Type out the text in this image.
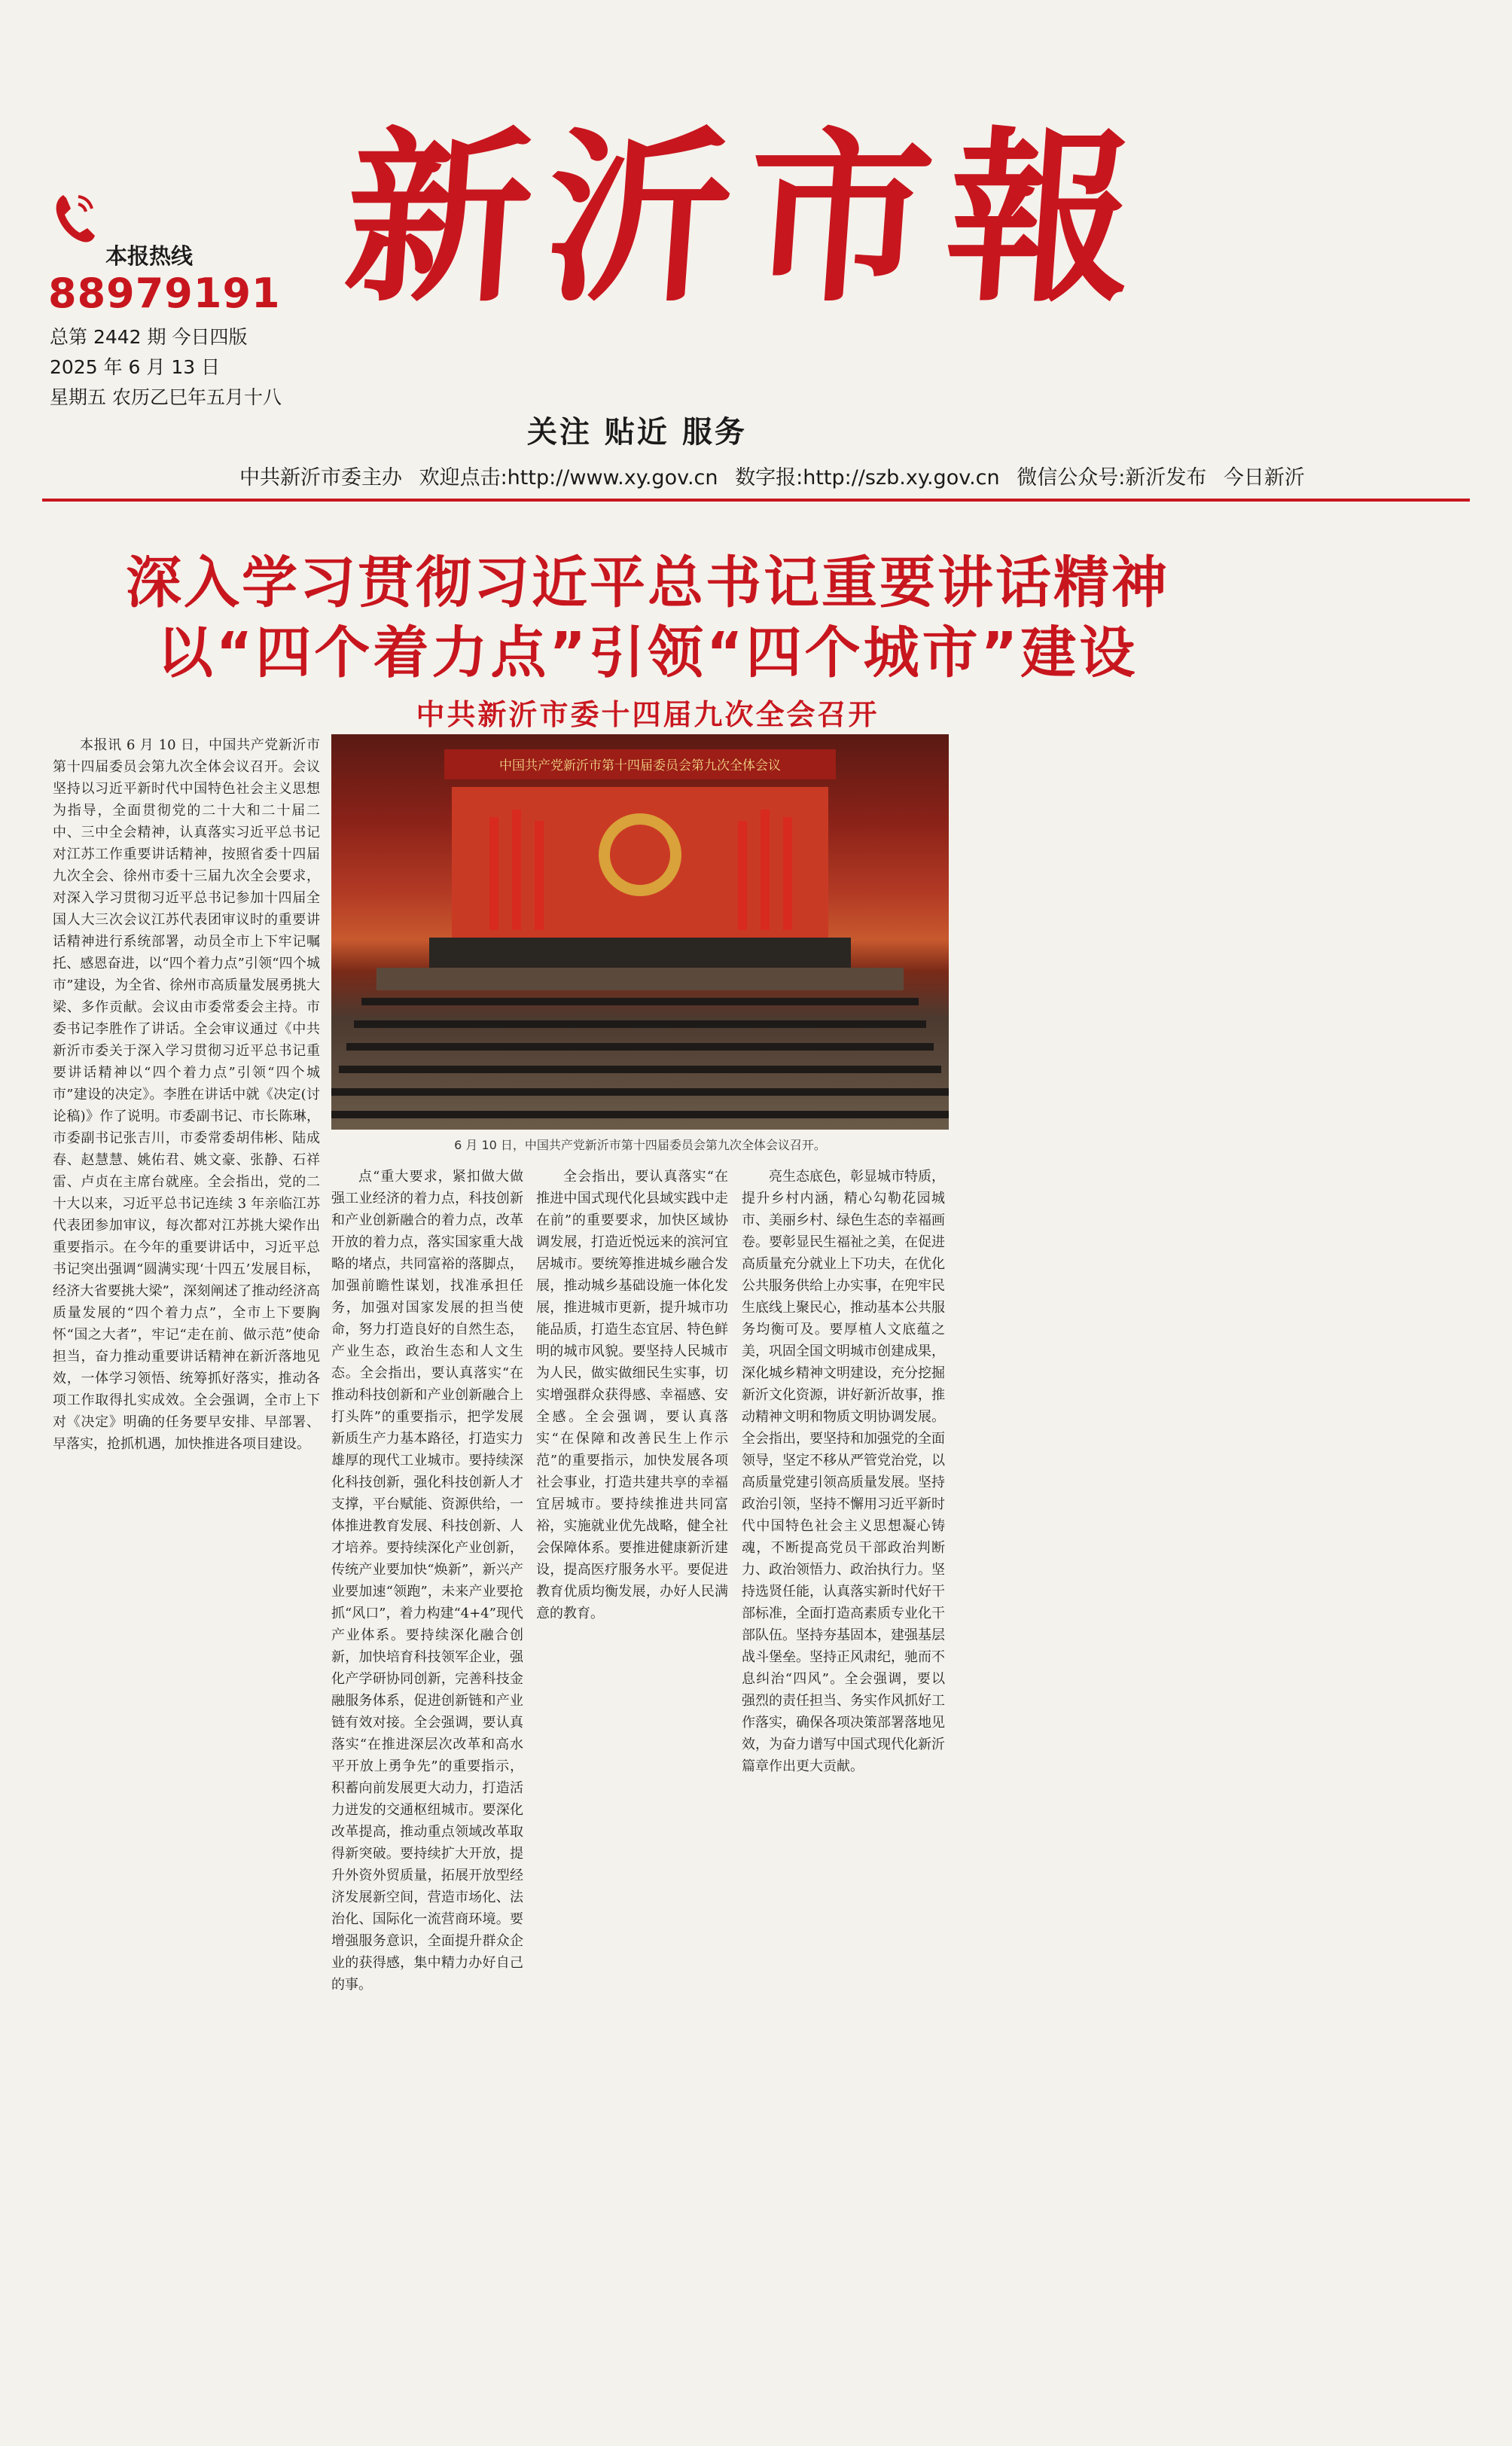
本报热线
88979191
总第 2442 期 今日四版
2025 年 6 月 13 日
星期五 农历乙巳年五月十八
新沂市報
关注 贴近 服务
中共新沂市委主办 欢迎点击:http://www.xy.gov.cn 数字报:http://szb.xy.gov.cn 微信公众号:新沂发布 今日新沂
深入学习贯彻习近平总书记重要讲话精神
以“四个着力点”引领“四个城市”建设
中共新沂市委十四届九次全会召开

本报讯 6 月 10 日，中国共产党新沂市第十四届委员会第九次全体会议召开。会议坚持以习近平新时代中国特色社会主义思想为指导，全面贯彻党的二十大和二十届二中、三中全会精神，认真落实习近平总书记对江苏工作重要讲话精神，按照省委十四届九次全会、徐州市委十三届九次全会要求，对深入学习贯彻习近平总书记参加十四届全国人大三次会议江苏代表团审议时的重要讲话精神进行系统部署，动员全市上下牢记嘱托、感恩奋进，以“四个着力点”引领“四个城市”建设，为全省、徐州市高质量发展勇挑大梁、多作贡献。会议由市委常委会主持。市委书记李胜作了讲话。全会审议通过《中共新沂市委关于深入学习贯彻习近平总书记重要讲话精神以“四个着力点”引领“四个城市”建设的决定》。李胜在讲话中就《决定(讨论稿)》作了说明。市委副书记、市长陈琳，市委副书记张吉川，市委常委胡伟彬、陆成春、赵慧慧、姚佑君、姚文豪、张静、石祥雷、卢贞在主席台就座。全会指出，党的二十大以来，习近平总书记连续 3 年亲临江苏代表团参加审议，每次都对江苏挑大梁作出重要指示。在今年的重要讲话中，习近平总书记突出强调“圆满实现‘十四五’发展目标，经济大省要挑大梁”，深刻阐述了推动经济高质量发展的“四个着力点”，全市上下要胸怀“国之大者”，牢记“走在前、做示范”使命担当，奋力推动重要讲话精神在新沂落地见效，一体学习领悟、统筹抓好落实，推动各项工作取得扎实成效。全会强调，全市上下对《决定》明确的任务要早安排、早部署、早落实，抢抓机遇，加快推进各项目建设。

中国共产党新沂市第十四届委员会第九次全体会议
6 月 10 日，中国共产党新沂市第十四届委员会第九次全体会议召开。

点“重大要求，紧扣做大做强工业经济的着力点，科技创新和产业创新融合的着力点，改革开放的着力点，落实国家重大战略的堵点，共同富裕的落脚点，加强前瞻性谋划，找准承担任务，加强对国家发展的担当使命，努力打造良好的自然生态，产业生态，政治生态和人文生态。全会指出，要认真落实“在推动科技创新和产业创新融合上打头阵”的重要指示，把学发展新质生产力基本路径，打造实力雄厚的现代工业城市。要持续深化科技创新，强化科技创新人才支撑，平台赋能、资源供给，一体推进教育发展、科技创新、人才培养。要持续深化产业创新，传统产业要加快“焕新”，新兴产业要加速“领跑”，未来产业要抢抓“风口”，着力构建“4+4”现代产业体系。要持续深化融合创新，加快培育科技领军企业，强化产学研协同创新，完善科技金融服务体系，促进创新链和产业链有效对接。全会强调，要认真落实“在推进深层次改革和高水平开放上勇争先”的重要指示，积蓄向前发展更大动力，打造活力迸发的交通枢纽城市。要深化改革提高，推动重点领域改革取得新突破。要持续扩大开放，提升外资外贸质量，拓展开放型经济发展新空间，营造市场化、法治化、国际化一流营商环境。要增强服务意识，全面提升群众企业的获得感，集中精力办好自己的事。

全会指出，要认真落实“在推进中国式现代化县域实践中走在前”的重要要求，加快区域协调发展，打造近悦远来的滨河宜居城市。要统筹推进城乡融合发展，推动城乡基础设施一体化发展，推进城市更新，提升城市功能品质，打造生态宜居、特色鲜明的城市风貌。要坚持人民城市为人民，做实做细民生实事，切实增强群众获得感、幸福感、安全感。全会强调，要认真落实“在保障和改善民生上作示范”的重要指示，加快发展各项社会事业，打造共建共享的幸福宜居城市。要持续推进共同富裕，实施就业优先战略，健全社会保障体系。要推进健康新沂建设，提高医疗服务水平。要促进教育优质均衡发展，办好人民满意的教育。

亮生态底色，彰显城市特质，提升乡村内涵，精心勾勒花园城市、美丽乡村、绿色生态的幸福画卷。要彰显民生福祉之美，在促进高质量充分就业上下功夫，在优化公共服务供给上办实事，在兜牢民生底线上聚民心，推动基本公共服务均衡可及。要厚植人文底蕴之美，巩固全国文明城市创建成果，深化城乡精神文明建设，充分挖掘新沂文化资源，讲好新沂故事，推动精神文明和物质文明协调发展。全会指出，要坚持和加强党的全面领导，坚定不移从严管党治党，以高质量党建引领高质量发展。坚持政治引领，坚持不懈用习近平新时代中国特色社会主义思想凝心铸魂，不断提高党员干部政治判断力、政治领悟力、政治执行力。坚持选贤任能，认真落实新时代好干部标准，全面打造高素质专业化干部队伍。坚持夯基固本，建强基层战斗堡垒。坚持正风肃纪，驰而不息纠治“四风”。全会强调，要以强烈的责任担当、务实作风抓好工作落实，确保各项决策部署落地见效，为奋力谱写中国式现代化新沂篇章作出更大贡献。
